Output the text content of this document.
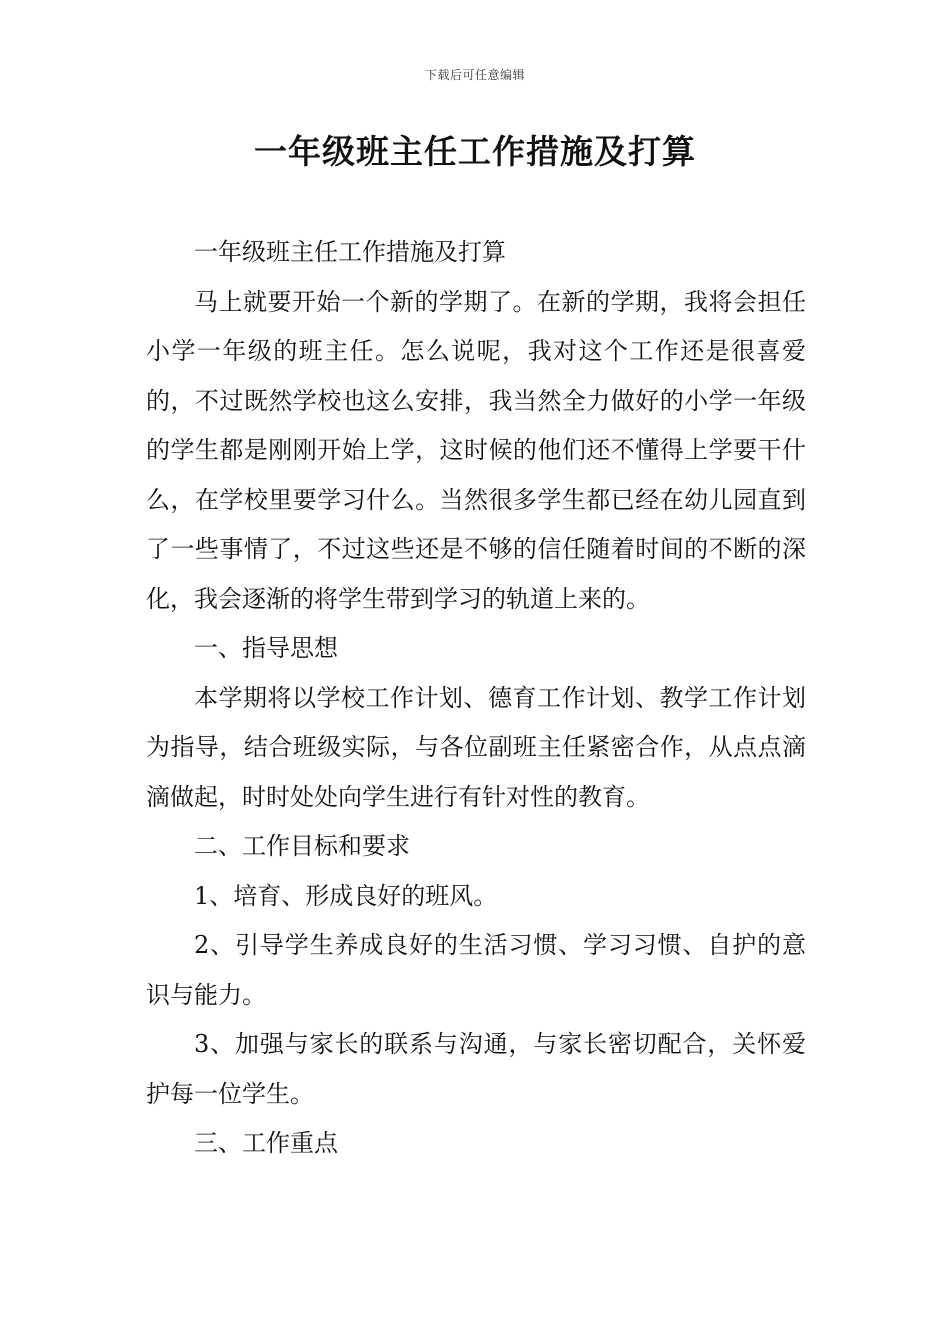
下载后可任意编辑
一年级班主任工作措施及打算

一年级班主任工作措施及打算

马上就要开始一个新的学期了。在新的学期，我将会担任小学一年级的班主任。怎么说呢，我对这个工作还是很喜爱的，不过既然学校也这么安排，我当然全力做好的小学一年级的学生都是刚刚开始上学，这时候的他们还不懂得上学要干什么，在学校里要学习什么。当然很多学生都已经在幼儿园直到了一些事情了，不过这些还是不够的信任随着时间的不断的深化，我会逐渐的将学生带到学习的轨道上来的。

一、指导思想

本学期将以学校工作计划、德育工作计划、教学工作计划为指导，结合班级实际，与各位副班主任紧密合作，从点点滴滴做起，时时处处向学生进行有针对性的教育。

二、工作目标和要求

1、培育、形成良好的班风。

2、引导学生养成良好的生活习惯、学习习惯、自护的意识与能力。

3、加强与家长的联系与沟通，与家长密切配合，关怀爱护每一位学生。

三、工作重点
